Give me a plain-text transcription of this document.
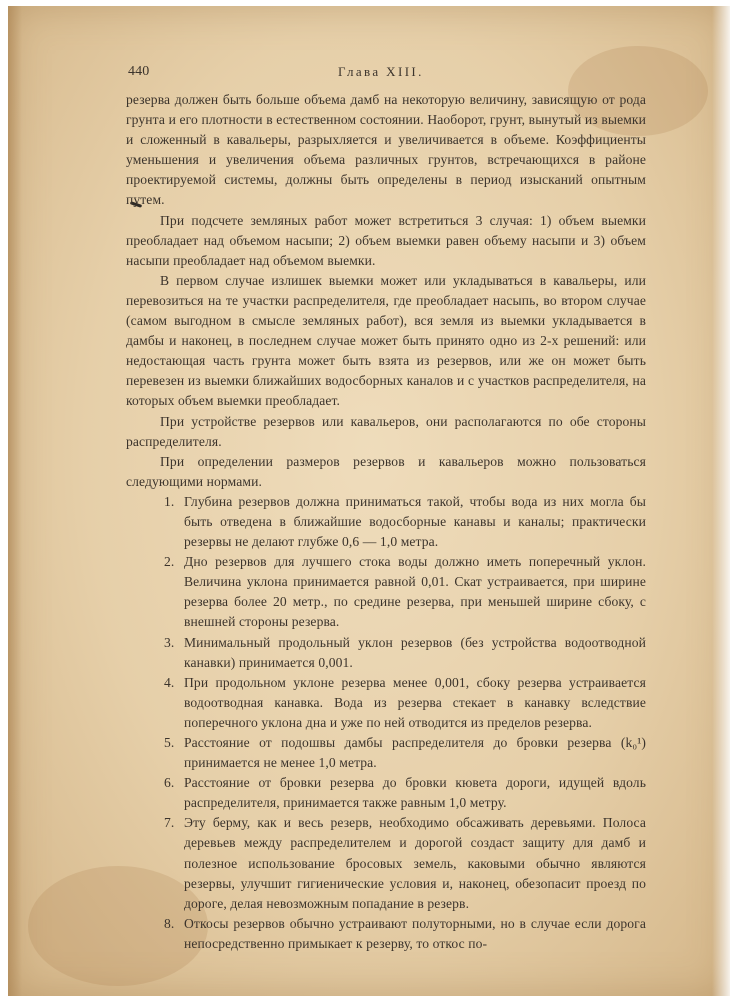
440	Глава XIII.

резерва должен быть больше объема дамб на некоторую величину, зависящую от рода грунта и его плотности в естественном состоянии. Наоборот, грунт, вынутый из выемки и сложенный в кавальеры, разрыхляется и увеличивается в объеме. Коэффициенты уменьшения и увеличения объема различных грунтов, встречающихся в районе проектируемой системы, должны быть определены в период изысканий опытным путем.

При подсчете земляных работ может встретиться 3 случая: 1) объем выемки преобладает над объемом насыпи; 2) объем выемки равен объему насыпи и 3) объем насыпи преобладает над объемом выемки.

В первом случае излишек выемки может или укладываться в кавальеры, или перевозиться на те участки распределителя, где преобладает насыпь, во втором случае (самом выгодном в смысле земляных работ), вся земля из выемки укладывается в дамбы и наконец, в последнем случае может быть принято одно из 2-х решений: или недостающая часть грунта может быть взята из резервов, или же он может быть перевезен из выемки ближайших водосборных каналов и с участков распределителя, на которых объем выемки преобладает.

При устройстве резервов или кавальеров, они располагаются по обе стороны распределителя.

При определении размеров резервов и кавальеров можно пользоваться следующими нормами.

1. Глубина резервов должна приниматься такой, чтобы вода из них могла бы быть отведена в ближайшие водосборные канавы и каналы; практически резервы не делают глубже 0,6 — 1,0 метра.
2. Дно резервов для лучшего стока воды должно иметь поперечный уклон. Величина уклона принимается равной 0,01. Скат устраивается, при ширине резерва более 20 метр., по средине резерва, при меньшей ширине сбоку, с внешней стороны резерва.
3. Минимальный продольный уклон резервов (без устройства водоотводной канавки) принимается 0,001.
4. При продольном уклоне резерва менее 0,001, сбоку резерва устраивается водоотводная канавка. Вода из резерва стекает в канавку вследствие поперечного уклона дна и уже по ней отводится из пределов резерва.
5. Расстояние от подошвы дамбы распределителя до бровки резерва (k₀¹) принимается не менее 1,0 метра.
6. Расстояние от бровки резерва до бровки кювета дороги, идущей вдоль распределителя, принимается также равным 1,0 метру.
7. Эту берму, как и весь резерв, необходимо обсаживать деревьями. Полоса деревьев между распределителем и дорогой создаст защиту для дамб и полезное использование бросовых земель, каковыми обычно являются резервы, улучшит гигиенические условия и, наконец, обезопасит проезд по дороге, делая невозможным попадание в резерв.
8. Откосы резервов обычно устраивают полуторными, но в случае если дорога непосредственно примыкает к резерву, то откос по-
